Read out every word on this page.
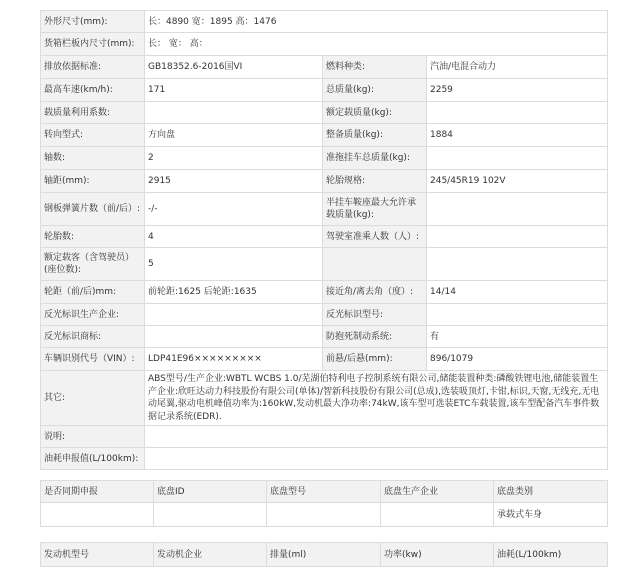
外形尺寸(mm):	长：4890 宽：1895 高：1476		
货箱栏板内尺寸(mm):	长： 宽： 高：		
排放依据标准:	GB18352.6-2016国VI	燃料种类:	汽油/电混合动力
最高车速(km/h):	171	总质量(kg):	2259
载质量利用系数:		额定载质量(kg):	
转向型式:	方向盘	整备质量(kg):	1884
轴数:	2	准拖挂车总质量(kg):	
轴距(mm):	2915	轮胎规格:	245/45R19 102V
钢板弹簧片数（前/后）:	-/-	半挂车鞍座最大允许承载质量(kg):	
轮胎数:	4	驾驶室准乘人数（人）:	
额定载客（含驾驶员）(座位数):	5		
轮距（前/后)mm:	前轮距:1625 后轮距:1635	接近角/离去角（度）:	14/14
反光标识生产企业:		反光标识型号:	
反光标识商标:		防抱死制动系统:	有
车辆识别代号（VIN）:	LDP41E96×××××××××	前悬/后悬(mm):	896/1079
其它:	ABS型号/生产企业:WBTL WCBS 1.0/芜湖伯特利电子控制系统有限公司,储能装置种类:磷酸铁锂电池,储能装置生产企业:欣旺达动力科技股份有限公司(单体)/智新科技股份有限公司(总成),选装吸顶灯,卡钳,标识,天窗,无线充,无电动尾翼,驱动电机峰值功率为:160kW,发动机最大净功率:74kW,该车型可选装ETC车载装置,该车型配备汽车事件数据记录系统(EDR).		
说明:			
油耗申报值(L/100km):			
是否同期申报	底盘ID	底盘型号	底盘生产企业	底盘类别
				承载式车身
发动机型号	发动机企业	排量(ml)	功率(kw)	油耗(L/100km)
